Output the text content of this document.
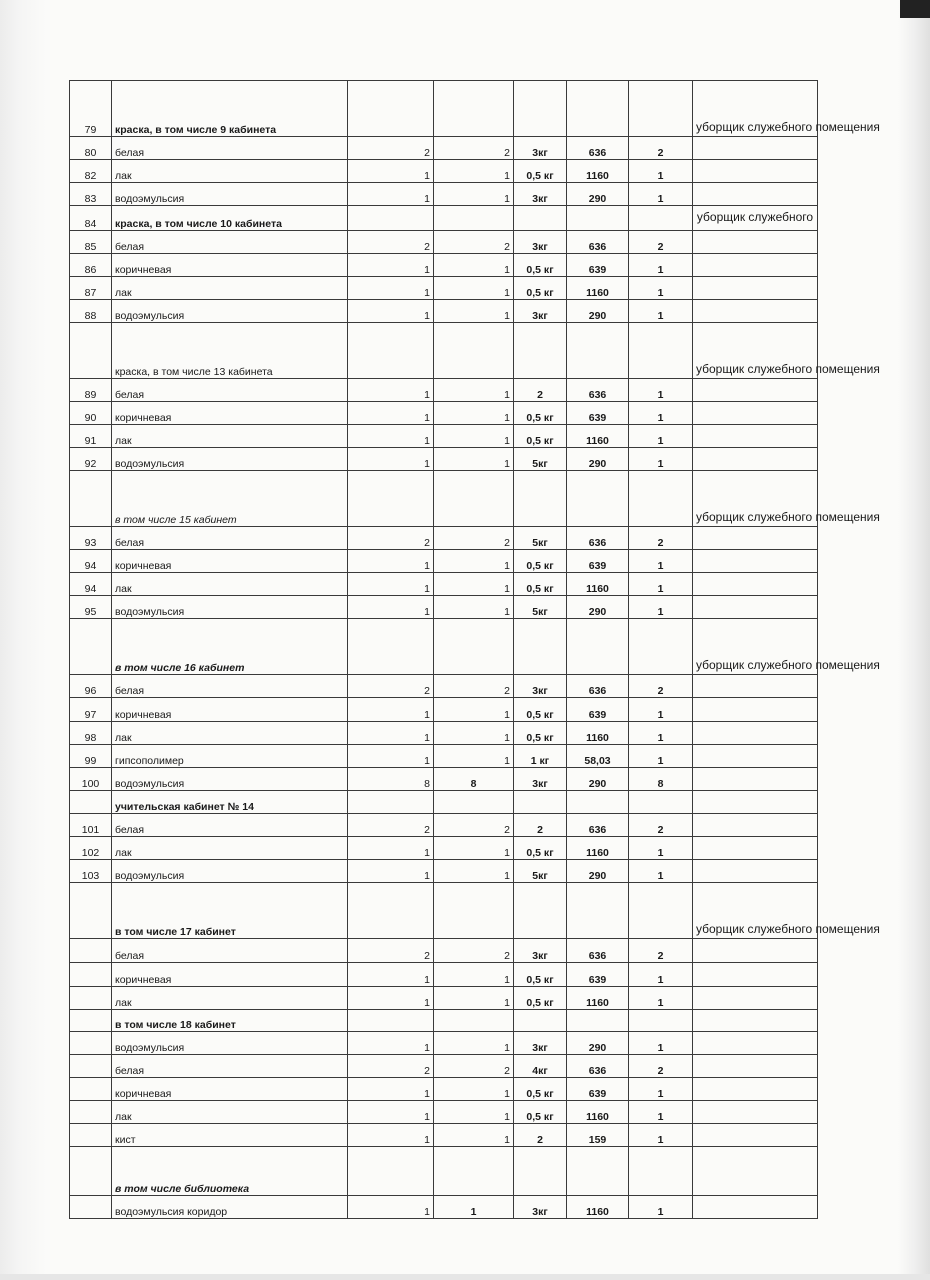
79	краска, в том числе 9 кабинета						уборщик служебного помещения
80	белая	2	2	3кг	636	2	
82	лак	1	1	0,5 кг	1160	1	
83	водоэмульсия	1	1	3кг	290	1	
84	краска, в том числе 10 кабинета						уборщик служебного

85	белая	2	2	3кг	636	2	
86	коричневая	1	1	0,5 кг	639	1	
87	лак	1	1	0,5 кг	1160	1	
88	водоэмульсия	1	1	3кг	290	1	
	краска, в том числе 13 кабинета						уборщик служебного помещения
89	белая	1	1	2	636	1	
90	коричневая	1	1	0,5 кг	639	1	
91	лак	1	1	0,5 кг	1160	1	
92	водоэмульсия	1	1	5кг	290	1	
	в том числе 15 кабинет						уборщик служебного помещения
93	белая	2	2	5кг	636	2	
94	коричневая	1	1	0,5 кг	639	1	
94	лак	1	1	0,5 кг	1160	1	
95	водоэмульсия	1	1	5кг	290	1	
	в том числе 16 кабинет						уборщик служебного помещения
96	белая	2	2	3кг	636	2	
97	коричневая	1	1	0,5 кг	639	1	
98	лак	1	1	0,5 кг	1160	1	
99	гипсополимер	1	1	1 кг	58,03	1	
100	водоэмульсия	8	8	3кг	290	8	
	учительская кабинет № 14						
101	белая	2	2	2	636	2	
102	лак	1	1	0,5 кг	1160	1	
103	водоэмульсия	1	1	5кг	290	1	
	в том числе 17 кабинет						уборщик служебного помещения
	белая	2	2	3кг	636	2	
	коричневая	1	1	0,5 кг	639	1	
	лак	1	1	0,5 кг	1160	1	
	в том числе 18 кабинет						
	водоэмульсия	1	1	3кг	290	1	
	белая	2	2	4кг	636	2	
	коричневая	1	1	0,5 кг	639	1	
	лак	1	1	0,5 кг	1160	1	
	кист	1	1	2	159	1	
	в том числе библиотека						
	водоэмульсия коридор	1	1	3кг	1160	1	
